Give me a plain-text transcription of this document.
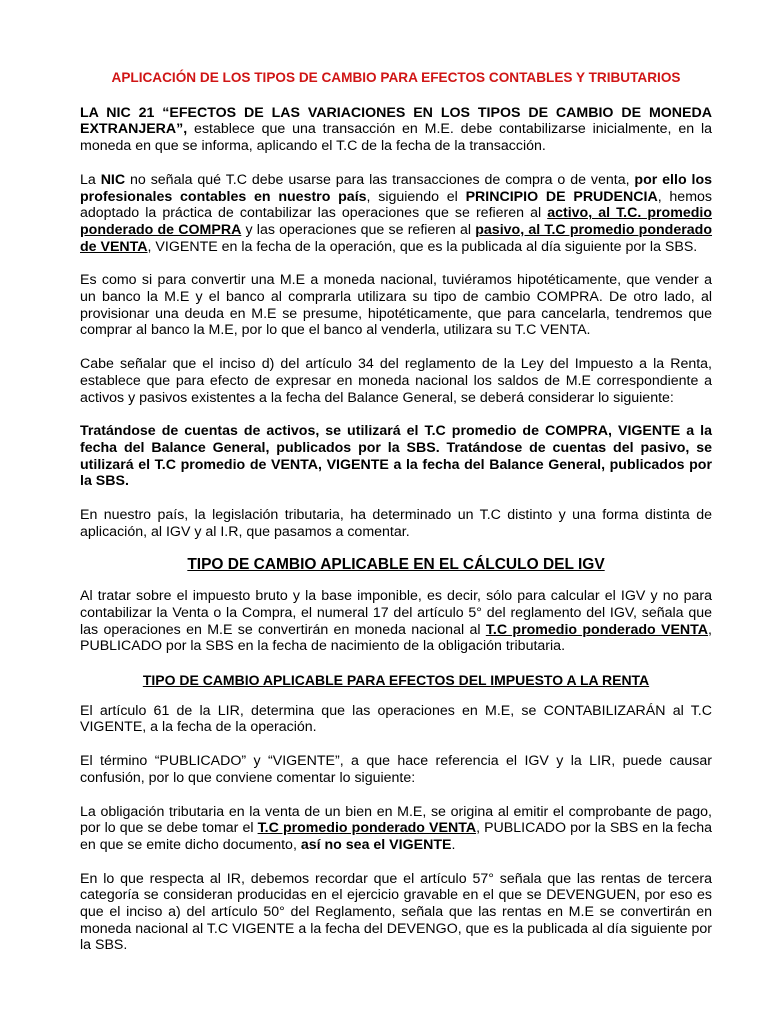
APLICACIÓN DE LOS TIPOS DE CAMBIO PARA EFECTOS CONTABLES Y TRIBUTARIOS

LA NIC 21 “EFECTOS DE LAS VARIACIONES EN LOS TIPOS DE CAMBIO DE MONEDA EXTRANJERA”, establece que una transacción en M.E. debe contabilizarse inicialmente, en la moneda en que se informa, aplicando el T.C de la fecha de la transacción.

La NIC no señala qué T.C debe usarse para las transacciones de compra o de venta, por ello los profesionales contables en nuestro país, siguiendo el PRINCIPIO DE PRUDENCIA, hemos adoptado la práctica de contabilizar las operaciones que se refieren al activo, al T.C. promedio ponderado de COMPRA y las operaciones que se refieren al pasivo, al T.C promedio ponderado de VENTA, VIGENTE en la fecha de la operación, que es la publicada al día siguiente por la SBS.

Es como si para convertir una M.E a moneda nacional, tuviéramos hipotéticamente, que vender a un banco la M.E y el banco al comprarla utilizara su tipo de cambio COMPRA. De otro lado, al provisionar una deuda en M.E se presume, hipotéticamente, que para cancelarla, tendremos que comprar al banco la M.E, por lo que el banco al venderla, utilizara su T.C VENTA.

Cabe señalar que el inciso d) del artículo 34 del reglamento de la Ley del Impuesto a la Renta, establece que para efecto de expresar en moneda nacional los saldos de M.E correspondiente a activos y pasivos existentes a la fecha del Balance General, se deberá considerar lo siguiente:

Tratándose de cuentas de activos, se utilizará el T.C promedio de COMPRA, VIGENTE a la fecha del Balance General, publicados por la SBS. Tratándose de cuentas del pasivo, se utilizará el T.C promedio de VENTA, VIGENTE a la fecha del Balance General, publicados por la SBS.

En nuestro país, la legislación tributaria, ha determinado un T.C distinto y una forma distinta de aplicación, al IGV y al I.R, que pasamos a comentar.

TIPO DE CAMBIO APLICABLE EN EL CÁLCULO DEL IGV

Al tratar sobre el impuesto bruto y la base imponible, es decir, sólo para calcular el IGV y no para contabilizar la Venta o la Compra, el numeral 17 del artículo 5° del reglamento del IGV, señala que las operaciones en M.E se convertirán en moneda nacional al T.C promedio ponderado VENTA, PUBLICADO por la SBS en la fecha de nacimiento de la obligación tributaria.

TIPO DE CAMBIO APLICABLE PARA EFECTOS DEL IMPUESTO A LA RENTA

El artículo 61 de la LIR, determina que las operaciones en M.E, se CONTABILIZARÁN al T.C VIGENTE, a la fecha de la operación.

El término “PUBLICADO” y “VIGENTE”, a que hace referencia el IGV y la LIR, puede causar confusión, por lo que conviene comentar lo siguiente:

La obligación tributaria en la venta de un bien en M.E, se origina al emitir el comprobante de pago, por lo que se debe tomar el T.C promedio ponderado VENTA, PUBLICADO por la SBS en la fecha en que se emite dicho documento, así no sea el VIGENTE.

En lo que respecta al IR, debemos recordar que el artículo 57° señala que las rentas de tercera categoría se consideran producidas en el ejercicio gravable en el que se DEVENGUEN, por eso es que el inciso a) del artículo 50° del Reglamento, señala que las rentas en M.E se convertirán en moneda nacional al T.C VIGENTE a la fecha del DEVENGO, que es la publicada al día siguiente por la SBS.
